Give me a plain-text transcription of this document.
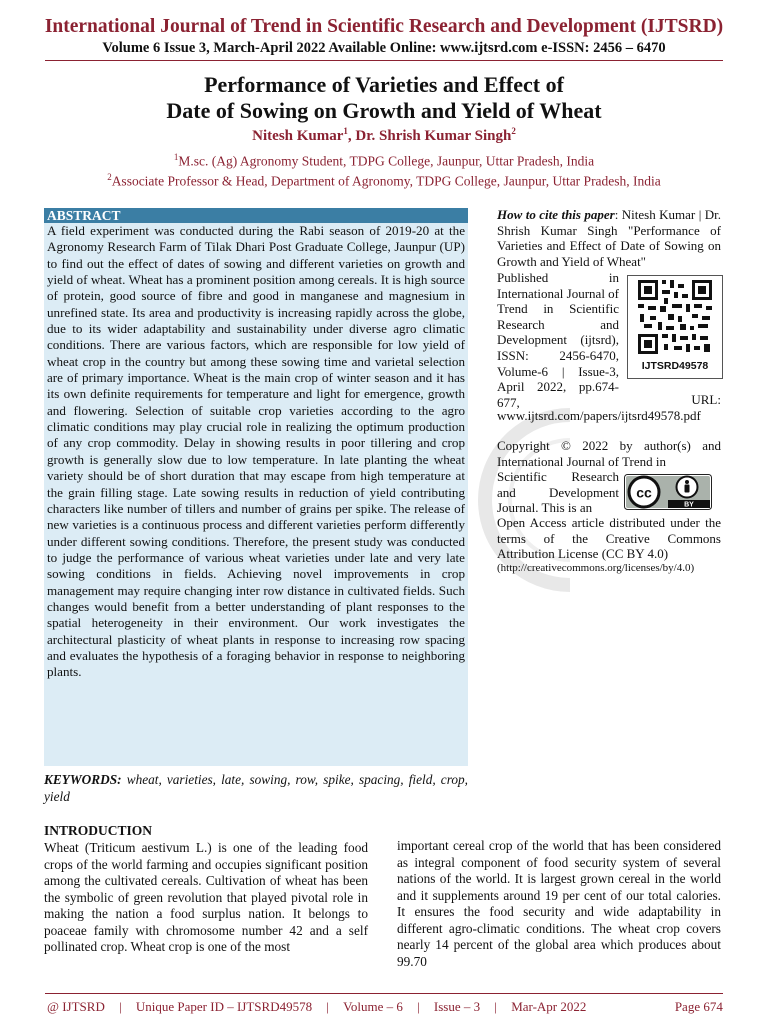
International Journal of Trend in Scientific Research and Development (IJTSRD)
Volume 6 Issue 3, March-April 2022 Available Online: www.ijtsrd.com e-ISSN: 2456 – 6470
Performance of Varieties and Effect of
Date of Sowing on Growth and Yield of Wheat
Nitesh Kumar$^1$, Dr. Shrish Kumar Singh$^2$
$^1$M.sc. (Ag) Agronomy Student, TDPG College, Jaunpur, Uttar Pradesh, India
$^2$Associate Professor & Head, Department of Agronomy, TDPG College, Jaunpur, Uttar Pradesh, India
ABSTRACT
A field experiment was conducted during the Rabi season of 2019-20 at the Agronomy Research Farm of Tilak Dhari Post Graduate College, Jaunpur (UP) to find out the effect of dates of sowing and different varieties on growth and yield of wheat. Wheat has a prominent position among cereals. It is high source of protein, good source of fibre and good in manganese and magnesium in unrefined state. Its area and productivity is increasing rapidly across the globe, due to its wider adaptability and sustainability under diverse agro climatic conditions. There are various factors, which are responsible for low yield of wheat crop in the country but among these sowing time and varietal selection are of primary importance. Wheat is the main crop of winter season and it has its own definite requirements for temperature and light for emergence, growth and flowering. Selection of suitable crop varieties according to the agro climatic conditions may play crucial role in realizing the optimum production of any crop commodity. Delay in showing results in poor tillering and crop growth is generally slow due to low temperature. In late planting the wheat variety should be of short duration that may escape from high temperature at the grain filling stage. Late sowing results in reduction of yield contributing characters like number of tillers and number of grains per spike. The release of new varieties is a continuous process and different varieties perform differently under different sowing conditions. Therefore, the present study was conducted to judge the performance of various wheat varieties under late and very late sowing conditions in fields. Achieving novel improvements in crop management may require changing inter row distance in cultivated fields. Such changes would benefit from a better understanding of plant responses to the spatial heterogeneity in their environment. Our work investigates the architectural plasticity of wheat plants in response to increasing row spacing and evaluates the hypothesis of a foraging behavior in response to neighboring plants.
KEYWORDS: wheat, varieties, late, sowing, row, spike, spacing, field, crop, yield
How to cite this paper: Nitesh Kumar | Dr. Shrish Kumar Singh "Performance of Varieties and Effect of Date of Sowing on Growth and Yield of Wheat"
Published in International Journal of Trend in Scientific Research and Development (ijtsrd), ISSN: 2456-6470, Volume-6 | Issue-3, April 2022, pp.674-677,
IJTSRD49578

URL:
www.ijtsrd.com/papers/ijtsrd49578.pdf
Copyright © 2022 by author(s) and International Journal of Trend in
Scientific Research and Development Journal. This is an
cc
BY
Open Access article distributed under the terms of the Creative Commons Attribution License (CC BY 4.0)
(http://creativecommons.org/licenses/by/4.0)
INTRODUCTION
Wheat (Triticum aestivum L.) is one of the leading food crops of the world farming and occupies significant position among the cultivated cereals. Cultivation of wheat has been the symbolic of green revolution that played pivotal role in making the nation a food surplus nation. It belongs to poaceae family with chromosome number 42 and a self pollinated crop. Wheat crop is one of the most
important cereal crop of the world that has been considered as integral component of food security system of several nations of the world. It is largest grown cereal in the world and it supplements around 19 per cent of our total calories. It ensures the food security and wide adaptability in different agro-climatic conditions. The wheat crop covers nearly 14 percent of the global area which produces about 99.70
@ IJTSRD | Unique Paper ID – IJTSRD49578 | Volume – 6 | Issue – 3 | Mar-Apr 2022	Page 674
